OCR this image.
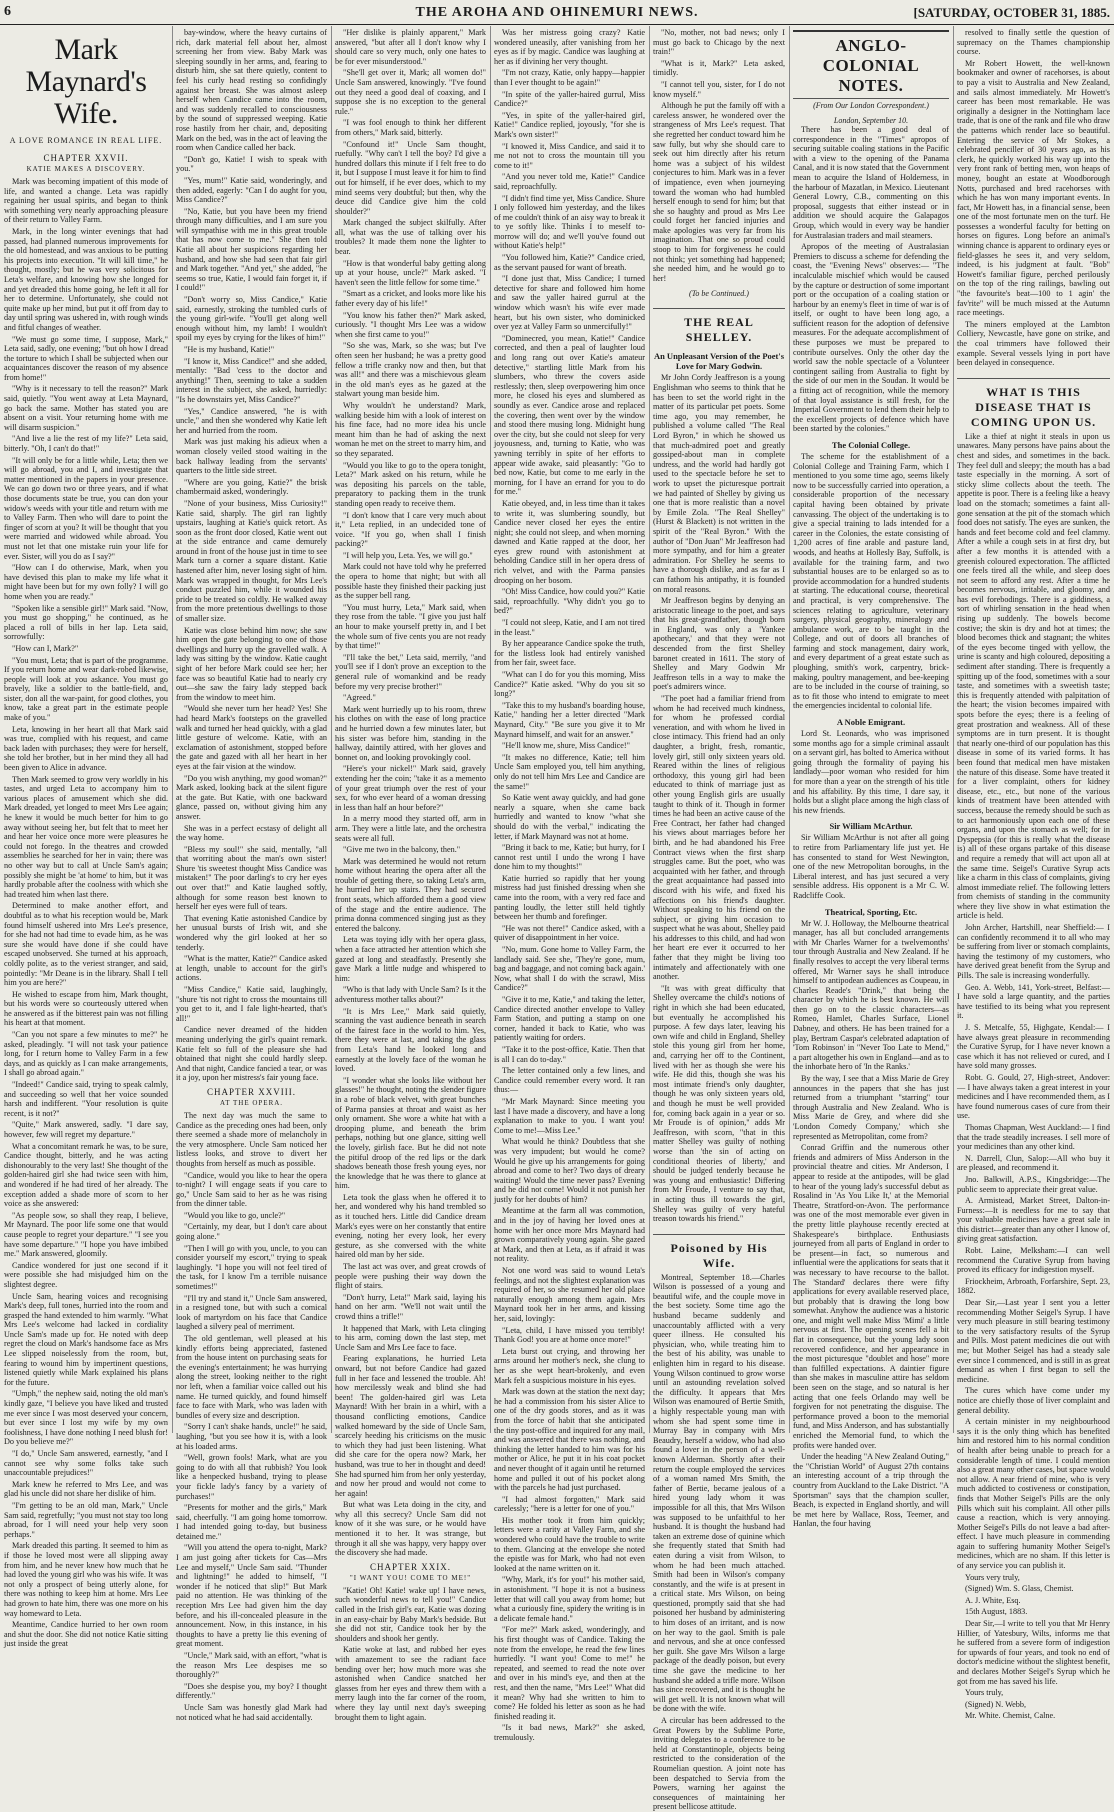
6	THE AROHA AND OHINEMURI NEWS.	[SATURDAY, OCTOBER 31, 1885.
Mark Maynard's Wife.
A LOVE ROMANCE IN REAL LIFE.
CHAPTER XXVII.
KATIE MAKES A DISCOVERY.

Mark was becoming impatient of this mode of life, and wanted a change. Leta was rapidly regaining her usual spirits, and began to think with something very nearly approaching pleasure of their return to Valley Farm.

Mark, in the long winter evenings that had passed, had planned numerous improvements for the old homestead, and was anxious to be putting his projects into execution. "It will kill time," he thought, mostly; but he was very solicitous for Leta's welfare, and knowing how she longed for and yet dreaded this home going, he left it all for her to determine. Unfortunately, she could not quite make up her mind, but put it off from day to day until spring was ushered in, with rough winds and fitful changes of weather.

"We must go some time, I suppose, Mark," Leta said, sadly, one evening; "but oh how I dread the torture to which I shall be subjected when our acquaintances discover the reason of my absence from home!"

"Why is it necessary to tell the reason?" Mark said, quietly. "You went away at Leta Maynard, go back the same. Mother has stated you are absent on a visit. Your returning home with me will disarm suspicion."

"And live a lie the rest of my life?" Leta said, bitterly. "Oh, I can't do that!"

"It will only be for a little while, Leta; then we will go abroad, you and I, and investigate that matter mentioned in the papers in your presence. We can go down two or three years, and if what those documents state be true, you can don your widow's weeds with your title and return with me to Valley Farm. Then who will dare to point the finger of scorn at you? It will be thought that you were married and widowed while abroad. You must not let that one mistake ruin your life for ever. Sister, will you do as I say?"

"How can I do otherwise, Mark, when you have devised this plan to make my life what it might have been but for my own folly? I will go home when you are ready."

"Spoken like a sensible girl!" Mark said. "Now, you must go shopping," he continued, as he placed a roll of bills in her lap. Leta said, sorrowfully:

"How can I, Mark?"

"You must, Leta; that is part of the programme. If you return home and wear dark-robed likewise, people will look at you askance. You must go bravely, like a soldier to the battle-field, and, sister, don all the war-paint, for good clothes, you know, take a great part in the estimate people make of you."

Leta, knowing in her heart all that Mark said was true, complied with his request, and came back laden with purchases; they were for herself, she told her brother, but in her mind they all had been given to Alice in advance.

Then Mark seemed to grow very worldly in his tastes, and urged Leta to accompany him to various places of amusement which she did. Mark dreaded, yet longed to meet Mrs Lee again; he knew it would be much better for him to go away without seeing her, but felt that to meet her and hear her voice once more were pleasures he could not forego. In the theatres and crowded assemblies he searched for her in vain; there was no other way but to call at Uncle Sam's again; possibly she might be 'at home' to him, but it was hardly probable after the coolness with which she had treated him when last there.

Determined to make another effort, and doubtful as to what his reception would be, Mark found himself ushered into Mrs Lee's presence, for she had not had time to evade him, as he was sure she would have done if she could have escaped unobserved. She turned at his approach, coldly polite, as to the veriest stranger, and said, pointedly: "Mr Deane is in the library. Shall I tell him you are here?"

He wished to escape from him, Mark thought, but his words were so courteously uttered when he answered as if the bitterest pain was not filling his heart at that moment.

"Can you not spare a few minutes to me?" he asked, pleadingly. "I will not task your patience long, for I return home to Valley Farm in a few days, and as quickly as I can make arrangements, I shall go abroad again."

"Indeed!" Candice said, trying to speak calmly, and succeeding so well that her voice sounded harsh and indifferent. "Your resolution is quite recent, is it not?"

"Quite," Mark answered, sadly. "I dare say, however, few will regret my departure."

What a concomitant remark he was, to be sure, Candice thought, bitterly, and he was acting dishonourably to the very last! She thought of the golden-haired girl she had twice seen with him, and wondered if he had tired of her already. The exception added a shade more of scorn to her voice as she answered:

"As people sow, so shall they reap, I believe, Mr Maynard. The poor life some one that would cause people to regret your departure." "I see you have some departure." "I hope you have imbibed me." Mark answered, gloomily.

Candice wondered for just one second if it were possible she had misjudged him on the slightest degree.

Uncle Sam, hearing voices and recognising Mark's deep, full tones, hurried into the room and grasped the hand extended to him warmly. "What Mrs Lee's welcome had lacked in cordiality Uncle Sam's made up for. He noted with deep regret the cloud on Mark's handsome face as Mrs Lee slipped noiselessly from the room, but, fearing to wound him by impertinent questions, listened quietly while Mark explained his plans for the future.

"Umph," the nephew said, noting the old man's kindly gaze, "I believe you have liked and trusted me ever since I was most deserved your concern, but ever since I lost my wife by my own foolishness, I have done nothing I need blush for! Do you believe me?"

"I do," Uncle Sam answered, earnestly, "and I cannot see why some folks take such unaccountable prejudices!"

Mark knew he referred to Mrs Lee, and was glad his uncle did not share her dislike of him.

"I'm getting to be an old man, Mark," Uncle Sam said, regretfully; "you must not stay too long abroad, for I will need your help very soon perhaps."

Mark dreaded this parting. It seemed to him as if those he loved most were all slipping away from him, and he never knew how much that he had loved the young girl who was his wife. It was not only a prospect of being utterly alone, for there was nothing to keep him at home. Mrs Lee had grown to hate him, there was one more on his way homeward to Leta.

Meantime, Candice hurried to her own room and shut the door. She did not notice Katie sitting just inside the great

bay-window, where the heavy curtains of rich, dark material fell about her, almost screening her from view. Baby Mark was sleeping soundly in her arms, and, fearing to disturb him, she sat there quietly, content to feel his curly head resting so confidingly against her breast. She was almost asleep herself when Candice came into the room, and was suddenly recalled to consciousness by the sound of suppressed weeping. Katie rose hastily from her chair, and, depositing Mark on the bed, was in the act of leaving the room when Candice called her back.

"Don't go, Katie! I wish to speak with you."

"Yes, mum!" Katie said, wonderingly, and then added, eagerly: "Can I do aught for you, Miss Candice?"

"No, Katie, but you have been my friend through many difficulties, and I am sure you will sympathise with me in this great trouble that has now come to me." She then told Katie all about her suspicions regarding her husband, and how she had seen that fair girl and Mark together. "And yet," she added, "he seems so true, Katie, I would fain forget it, if I could!"

"Don't worry so, Miss Candice," Katie said, earnestly, stroking the tumbled curls of the young girl-wife. "You'll get along well enough without him, my lamb! I wouldn't spoil my eyes by crying for the likes of him!"

"He is my husband, Katie!"

"I know it, Miss Candice!" and she added, mentally: "Bad 'cess to the doctor and anything!" Then, seeming to take a sudden interest in the subject, she asked, hurriedly: "Is he downstairs yet, Miss Candice?"

"Yes," Candice answered, "he is with uncle," and then she wondered why Katie left her and hurried from the room.

Mark was just making his adieux when a woman closely veiled stood waiting in the back hallway leading from the servants' quarters to the little side street.

"Where are you going, Katie?" the brisk chambermaid asked, wonderingly.

"None of your business, Miss Curiosity!" Katie said, sharply. The girl ran lightly upstairs, laughing at Katie's quick retort. As soon as the front door closed, Katie went out at the side entrance and came demurely around in front of the house just in time to see Mark turn a corner a square distant. Katie hastened after him, never losing sight of him. Mark was wrapped in thought, for Mrs Lee's conduct puzzled him, while it wounded his pride to be treated so coldly. He walked away from the more pretentious dwellings to those of smaller size.

Katie was close behind him now; she saw him open the gate belonging to one of those dwellings and hurry up the gravelled walk. A lady was sitting by the window. Katie caught sight of her before Mark could see her; her face was so beautiful Katie had to nearly cry out—she saw the fairy lady stepped back from the window to meet him.

"Would she never turn her head? Yes! She had heard Mark's footsteps on the gravelled walk and turned her head quickly, with a glad little gesture of welcome. Katie, with an exclamation of astonishment, stopped before the gate and gazed with all her heart in her eyes at the fair vision at the window.

"Do you wish anything, my good woman?" Mark asked, looking back at the silent figure at the gate. But Katie, with one backward glance, passed on, without giving him any answer.

She was in a perfect ecstasy of delight all the way home.

"Bless my soul!" she said, mentally, "all that worriting about the man's own sister! Shure 'tis sweetest thought Miss Candice was mistaken!" The poor darling's to cry her eyes out over that!" and Katie laughed softly, although for some reason best known to herself her eyes were full of tears.

That evening Katie astonished Candice by her unusual bursts of Irish wit, and she wondered why the girl looked at her so tenderly.

"What is the matter, Katie?" Candice asked at length, unable to account for the girl's actions.

"Miss Candice," Katie said, laughingly, "shure 'tis not right to cross the mountains till you get to it, and I fale light-hearted, that's all!"

Candice never dreamed of the hidden meaning underlying the girl's quaint remark. Katie felt so full of the pleasure she had obtained that night she could hardly sleep. And that night, Candice fancied a tear, or was it a joy, upon her mistress's fair young face.

CHAPTER XXVIII.
AT THE OPERA.

The next day was much the same to Candice as the preceding ones had been, only there seemed a shade more of melancholy in the very atmosphere. Uncle Sam noticed her listless looks, and strove to divert her thoughts from herself as much as possible.

"Candice, would you like to hear the opera to-night? I will engage seats if you care to go," Uncle Sam said to her as he was rising from the dinner table.

"Would you like to go, uncle?"

"Certainly, my dear, but I don't care about going alone."

"Then I will go with you, uncle, to you can consider yourself my escort," trying to speak laughingly. "I hope you will not feel tired of the task, for I know I'm a terrible nuisance sometimes!"

"I'll try and stand it," Uncle Sam answered, in a resigned tone, but with such a comical look of martyrdom on his face that Candice laughed a silvery peal of merriment.

The old gentleman, well pleased at his kindly efforts being appreciated, fastened from the house intent on purchasing seats for the evening's entertainment; he was hurrying along the street, looking neither to the right nor left, when a familiar voice called out his name. He turned quickly, and found himself face to face with Mark, who was laden with bundles of every size and description.

"Sorry I can't shake hands, uncle!" he said, laughing, "but you see how it is, with a look at his loaded arms.

"Well, grown fools! Mark, what are you going to do with all that rubbish? You look like a henpecked husband, trying to please your fickle lady's fancy by a variety of purchases!"

"Presents for mother and the girls," Mark said, cheerfully. "I am going home tomorrow. I had intended going to-day, but business detained me."

"Will you attend the opera to-night, Mark? I am just going after tickets for Cas—Mrs Lee and myself," Uncle Sam said. "Thunder and lightning!" he added to himself, "I wonder if he noticed that slip!" But Mark paid no attention. He was thinking of the reception Mrs Lee had given him the day before, and his ill-concealed pleasure in the announcement. Now, in this instance, in his thoughts to have a pretty lie this evening of great moment.

"Uncle," Mark said, with an effort, "what is the reason Mrs Lee despises me so thoroughly?"

"Does she despise you, my boy? I thought differently."

Uncle Sam was honestly glad Mark had not noticed what he had said accidentally.

"Her dislike is plainly apparent," Mark answered, "but after all I don't know why I should care so very much, only one hates to be for ever misunderstood."

"She'll get over it, Mark; all women do!" Uncle Sam answered, knowingly. "I've found out they need a good deal of coaxing, and I suppose she is no exception to the general rule."

"I was fool enough to think her different from others," Mark said, bitterly.

"Confound it!" Uncle Sam thought, ruefully. "Why can't I tell the boy? I'd give a hundred dollars this minute if I felt free to do it, but I suppose I must leave it for him to find out for himself, if he ever does, which to my mind seems very doubtful; but then, why the deuce did Candice give him the cold shoulder?"

Mark changed the subject skilfully. After all, what was the use of talking over his troubles? It made them none the lighter to bear.

"How is that wonderful baby getting along up at your house, uncle?" Mark asked. "I haven't seen the little fellow for some time."

"Smart as a cricket, and looks more like his father every day of his life!"

"You know his father then?" Mark asked, curiously. "I thought Mrs Lee was a widow when she first came to you!"

"So she was, Mark, so she was; but I've often seen her husband; he was a pretty good fellow a trifle cranky now and then, but that was all!" and there was a mischievous gleam in the old man's eyes as he gazed at the stalwart young man beside him.

Why wouldn't he understand? Mark, walking beside him with a look of interest on his fine face, had no more idea his uncle meant him than he had of asking the next woman he met on the street to marry him, and so they separated.

"Would you like to go to the opera tonight, Leta?" Mark asked on his return, while he was depositing his parcels on the table, preparatory to packing them in the trunk standing open ready to receive them.

"I don't know that I care very much about it," Leta replied, in an undecided tone of voice. "If you go, when shall I finish packing?"

"I will help you, Leta. Yes, we will go."

Mark could not have told why he preferred the opera to home that night; but with all possible haste they finished their packing just as the supper bell rang.

"You must hurry, Leta," Mark said, when they rose from the table. "I give you just half an hour to make yourself pretty in, and I bet the whole sum of five cents you are not ready by that time!"

"I'll take the bet," Leta said, merrily, "and you'll see if I don't prove an exception to the general rule of womankind and be ready before my very precise brother!"

"Agreed."

Mark went hurriedly up to his room, threw his clothes on with the ease of long practice and he hurried down a few minutes later, but his sister was before him, standing in the hallway, daintily attired, with her gloves and bonnet on, and looking provokingly cool.

"Here's your nickel!" Mark said, gravely extending her the coin; "take it as a memento of your great triumph over the rest of your sex, for who ever heard of a woman dressing in less than half an hour before?"

In a merry mood they started off, arm in arm. They were a little late, and the orchestra seats were all full.

"Give me two in the balcony, then."

Mark was determined he would not return home without hearing the opera after all the trouble of getting there, so taking Leta's arm, he hurried her up stairs. They had secured front seats, which afforded them a good view of the stage and the entire audience. The prima donna commenced singing just as they entered the balcony.

Leta was toying idly with her opera glass, when a face attracted her attention which she gazed at long and steadfastly. Presently she gave Mark a little nudge and whispered to him:

"Who is that lady with Uncle Sam? Is it the adventuress mother talks about?"

"It is Mrs Lee," Mark said quietly, scanning the vast audience beneath in search of the fairest face in the world to him. Yes, there they were at last, and taking the glass from Leta's hand he looked long and earnestly at the lovely face of the woman he loved.

"I wonder what she looks like without her glasses!" he thought, noting the slender figure in a robe of black velvet, with great bunches of Parma pansies at throat and waist as her only ornament. She wore a white hat with a drooping plume, and beneath the brim perhaps, nothing but one glance, sitting well the lovely, girlish face. But he did not note the pitiful droop of the red lips or the dark shadows beneath those fresh young eyes, nor the knowledge that he was there to glance at him.

Leta took the glass when he offered it to her, and wondered why his hand trembled so as it touched hers. Little did Candice dream Mark's eyes were on her constantly that entire evening, noting her every look, her every gesture, as she conversed with the white haired old man by her side.

The last act was over, and great crowds of people were pushing their way down the flight of stairs.

"Don't hurry, Leta!" Mark said, laying his hand on her arm. "We'll not wait until the crowd thins a trifle!"

It happened that Mark, with Leta clinging to his arm, coming down the last step, met Uncle Sam and Mrs Lee face to face.

Fearing explanations, he hurried Leta onward, but not before Candice had gazed full in her face and lessened the trouble. Ah! how mercilessly weak and blind she had been! The golden-haired girl was Leta Maynard! With her brain in a whirl, with a thousand conflicting emotions, Candice walked homeward by the side of Uncle Sam, scarcely heeding his criticisms on the music to which they had just been listening. What did she care for the opera now? Mark, her husband, was true to her in thought and deed! She had spurned him from her only yesterday, and now her proud and would not come to her again!

But what was Leta doing in the city, and why all this secrecy? Uncle Sam did not know of it she was sure, or he would have mentioned it to her. It was strange, but through it all she was happy, very happy over the discovery she had made.

CHAPTER XXIX.
"I WANT YOU! COME TO ME!"

"Katie! Oh! Katie! wake up! I have news, such wonderful news to tell you!" Candice called in the Irish girl's ear, Katie was dozing in an easy-chair by Baby Mark's bedside. But she did not stir, Candice took her by the shoulders and shook her gently.

Katie woke at last, and rubbed her eyes with amazement to see the radiant face bending over her; how much more was she astonished when Candice snatched her glasses from her eyes and threw them with a merry laugh into the far corner of the room, where they lay until next day's sweeping brought them to light again.

Was her mistress going crazy? Katie wondered uneasily, after vanishing from her eyes as if by magic. Candice was laughing at her as if divining her very thought.

"I'm not crazy, Katie, only happy—happier than I ever thought to be again!"

"In spite of the yaller-haired gurrul, Miss Candice?"

"Yes, in spite of the yaller-haired girl, Katie!" Candice replied, joyously, "for she is Mark's own sister!"

"I knowed it, Miss Candice, and said it to me not not to cross the mountain till you come to it!"

"And you never told me, Katie!" Candice said, reproachfully.

"I didn't find time yet, Miss Candice. Shure I only followed him yesterday, and the likes of me couldn't think of an aisy way to break it to ye softly like. Thinks I to meself to-morrow will do; and we'll you've found out without Katie's help!"

"You followed him, Katie?" Candice cried, as the servant paused for want of breath.

"I done just that, Miss Candice; I turned detective for share and followed him home and saw the yaller haired gurrul at the window which wasn't his wife ever made heart, but his own sister, who dominicked over yez at Valley Farm so unmercifully!"

"Dominecred, you mean, Katie!" Candice corrected, and then a peal of laughter loud and long rang out over Katie's amateur detective," startling little Mark from his slumbers, who threw the covers aside restlessly; then, sleep overpowering him once more, he closed his eyes and slumbered as soundly as ever. Candice arose and replaced the covering, then went over by the window and stood there musing long. Midnight hung over the city, but she could not sleep for very joyousness, and, turning to Katie, who was yawning terribly in spite of her efforts to appear wide awake, said pleasantly: "Go to bed now, Katie, but come to me early in the morning, for I have an errand for you to do for me."

Katie obeyed, and, in less time than it takes to write it, was slumbering soundly, but Candice never closed her eyes the entire night; she could not sleep, and when morning dawned and Katie rapped at the door, her eyes grew round with astonishment at beholding Candice still in her opera dress of rich velvet, and with the Parma pansies drooping on her bosom.

"Oh! Miss Candice, how could you?" Katie said, reproachfully. "Why didn't you go to bed?"

"I could not sleep, Katie, and I am not tired in the least."

By her appearance Candice spoke the truth, for the listless look had entirely vanished from her fair, sweet face.

"What can I do for you this morning, Miss Candice?" Katie asked. "Why do you sit so long?"

"Take this to my husband's boarding house, Katie," handing her a letter directed "Mark Maynard, City." "Be sure you give it to Mr Maynard himself, and wait for an answer."

"He'll know me, shure, Miss Candice!"

"It makes no difference, Katie; tell him Uncle Sam employed you, tell him anything, only do not tell him Mrs Lee and Candice are the same!"

So Katie went away quickly, and had gone nearly a square, when she came back hurriedly and wanted to know "what she should do with the verbal," indicating the letter, if Mark Maynard was not at home.

"Bring it back to me, Katie; but hurry, for I cannot rest until I undo the wrong I have done him to my thoughts!"

Katie hurried so rapidly that her young mistress had just finished dressing when she came into the room, with a very red face and panting loudly, the letter still held tightly between her thumb and forefinger.

"He was not there!" Candice asked, with a quiver of disappointment in her voice.

"No, mum. Gone home to Valley Farm, the landlady said. See she, 'They're gone, mum, bag and baggage, and not coming back again.' Now, what shall I do with the scrawl, Miss Candice?"

"Give it to me, Katie," and taking the letter, Candice directed another envelope to Valley Farm Station, and putting a stamp on one corner, handed it back to Katie, who was patiently waiting for orders.

"Take it to the post-office, Katie. Then that is all I can do to-day."

The letter contained only a few lines, and Candice could remember every word. It ran thus:—

"Mr Mark Maynard: Since meeting you last I have made a discovery, and have a long explanation to make to you. I want you! Come to me!—Miss Lee."

What would he think? Doubtless that she was very impudent; but would he come? Would he give up his arrangements for going abroad and come to her? Two days of dreary waiting! Would the time never pass? Evening and he did not come! Would it not punish her justly for her doubts of him?

Meantime at the farm all was commotion, and in the joy of having her loved ones at home with her once more Mrs Maynard had grown comparatively young again. She gazed at Mark, and then at Leta, as if afraid it was not reality.

Not one word was said to wound Leta's feelings, and not the slightest explanation was required of her, so she resumed her old place naturally enough among them again. Mrs Maynard took her in her arms, and kissing her, said, lovingly:

"Leta, child, I have missed you terribly! Thank God! you are at home once more!"

Leta burst out crying, and throwing her arms around her mother's neck, she clung to her as she wept heart-brokenly, and even Mark felt a suspicious moisture in his eyes.

Mark was down at the station the next day; he had a commission from his sister Alice to one of the dry goods stores, and as it was from the force of habit that she anticipated the tiny post-office and inquired for any mail, and was answered that there was nothing, and thinking the letter handed to him was for his mother or Alice, he put it in his coat pocket and never thought of it again until he returned home and pulled it out of his pocket along with the parcels he had just purchased.

"I had almost forgotten," Mark said carelessly; "here is a letter for one of you."

His mother took it from him quickly; letters were a rarity at Valley Farm, and she wondered who could have the trouble to write to them. Glancing at the envelope she noted the epistle was for Mark, who had not even looked at the name written on it.

"Why, Mark, it's for you!" his mother said, in astonishment. "I hope it is not a business letter that will call you away from home; but what a curiously fine, spidery the writing is in a delicate female hand."

"For me?" Mark asked, wonderingly, and his first thought was of Candice. Taking the note from the envelope, he read the few lines hurriedly. "I want you! Come to me!" he repeated, and seemed to read the note over and over in his mind's eye, and then at the rest, and then the name, "Mrs Lee!" What did it mean? Why had she written to him to come? He folded his letter as soon as he had finished reading it.

"Is it bad news, Mark?" she asked, tremulously.

"No, mother, not bad news; only I must go back to Chicago by the next train!"

"What is it, Mark?" Leta asked, timidly.

"I cannot tell you, sister, for I do not know myself."

Although he put the family off with a careless answer, he wondered over the strangeness of Mrs Lee's request. That she regretted her conduct toward him he saw fully, but why she should care to seek out him directly after his return home was a subject of his wildest conjectures to him. Mark was in a fever of impatience, even when journeying toward the woman who had humbled herself enough to send for him; but that she so haughty and proud as Mrs Lee could forget her fancied injuries and make apologies was very far from his imagination. That one so proud could stoop to him for forgiveness he could not think; yet something had happened; she needed him, and he would go to her!

(To be Continued.)
THE REAL SHELLEY.
An Unpleasant Version of the Poet's Love for Mary Godwin.

Mr John Cordy Jeaffreson is a young Englishman who seems to think that he has been to set the world right in the matter of its particular pet poets. Some time ago, you may remember, he published a volume called "The Real Lord Byron," in which he showed us that much-admired poet and greatly gossiped-about man in complete undress, and the world had hardly got used to the spectacle before he set to work to upset the picturesque portrait we had painted of Shelley by giving us one that is more realistic than a novel by Emile Zola. "The Real Shelley" (Hurst & Blackett) is not written in the spirit of the "Real Byron." With the author of "Don Juan" Mr Jeaffreson had more sympathy, and for him a greater admiration. For Shelley he seems to have a thorough dislike, and as far as I can fathom his antipathy, it is founded on moral reasons.

Mr Jeaffreson begins by denying an aristocratic lineage to the poet, and says that his great-grandfather, though born in England, was only a 'Yankee apothecary,' and that they were not descended from the first Shelley baronet created in 1611. The story of Shelley and Mary Godwin Mr Jeaffreson tells in a way to make the poet's admirers wince.

"The poet had a familiar friend from whom he had received much kindness, for whom he professed cordial veneration, and with whom he lived in close intimacy. This friend had an only daughter, a bright, fresh, romantic, lovely girl, still only sixteen years old. Reared within the lines of religious orthodoxy, this young girl had been educated to think of marriage just as other young English girls are usually taught to think of it. Though in former times he had been an active cause of the Free Contract, her father had changed his views about marriages before her birth, and he had abandoned his Free Contract views when the first sharp struggles came. But the poet, who was acquainted with her father, and through the great acquaintance had passed into discord with his wife, and fixed his affections on his friend's daughter. Without speaking to his friend on the subject, or giving him occasion to suspect what he was about, Shelley paid his addresses to this child, and had won her heart ere ever it occurred to her father that they might be living too intimately and affectionately with one another.

"It was with great difficulty that Shelley overcame the child's notions of right in which she had been educated, but eventually he accomplished his purpose. A few days later, leaving his own wife and child in England, Shelley stole this young girl from her home, and, carrying her off to the Continent, lived with her as though she were his wife. He did this, though she was his most intimate friend's only daughter, though he was only sixteen years old, and though he must be well provided for, coming back again in a year or so. Mr Froude is of opinion," adds Mr Jeaffreson, with scorn, "that in this matter Shelley was guilty of nothing worse than 'the sin of acting on conditional theories of liberty,' and should be judged tenderly because he was young and enthusiastic! Differing from Mr Froude, I venture to say that, in acting thus ill towards the girl, Shelley was guilty of very hateful treason towards his friend."

Poisoned by His Wife.

Montreal, September 18.—Charles Wilson is possessed of a young and beautiful wife, and the couple move in the best society. Some time ago the husband became suddenly and unaccountably afflicted with a very queer illness. He consulted his physician, who, while treating him to the best of his ability, was unable to enlighten him in regard to his disease. Young Wilson continued to grow worse until an astounding revelation solved the difficulty. It appears that Mrs Wilson was enamoured of Bertie Smith, a highly respectable young man with whom she had spent some time in Murray Bay in company with Mrs Beaudry, herself a widow, who had also found a lover in the person of a well-known Alderman. Shortly after their return the couple employed the services of a woman named Mrs Smith, the father of Bertie, became jealous of a hired young lady whom it was impossible for all this, that Mrs Wilson was supposed to be unfaithful to her husband. It is thought the husband had taken an extreme dose of quinine which she frequently stated that Smith had eaten during a visit from Wilson, to whom he had been much attached. Smith had been in Wilson's company constantly, and the wife is at present in a critical state. Mrs Wilson, on being questioned, promptly said that she had poisoned her husband by administering to him doses of an irritant, and is now on her way to the gaol. Smith is pale and nervous, and she at once confessed her guilt. She gave Mrs Wilson a large package of the deadly poison, but every time she gave the medicine to her husband she added a trifle more. Wilson has since recovered, and it is thought he will get well. It is not known what will be done with the wife.

A circular has been addressed to the Great Powers by the Sublime Porte, inviting delegates to a conference to be held at Constantinople, objects being restricted to the consideration of the Roumelian question. A joint note has been despatched to Servia from the Powers, warning her against the consequences of maintaining her present bellicose attitude.

ANGLO-COLONIAL NOTES.
(From Our London Correspondent.)
London, September 10.

There has been a good deal of correspondence in the "Times" apropos of securing suitable coaling stations in the Pacific with a view to the opening of the Panama Canal, and it is now stated that the Government mean to acquire the Island of Holderness, in the harbour of Mazatlan, in Mexico. Lieutenant General Lowry, C.B., commenting on this proposal, suggests that either instead or in addition we should acquire the Galapagos Group, which would in every way be handier for Australasian traders and mail steamers.

Apropos of the meeting of Australasian Premiers to discuss a scheme for defending the coast, the "Evening News" observes:— "The incalculable mischief which would be caused by the capture or destruction of some important port or the occupation of a coaling station or harbour by an enemy's fleet in time of war is of itself, or ought to have been long ago, a sufficient reason for the adoption of defensive measures. For the adequate accomplishment of these purposes we must be prepared to contribute ourselves. Only the other day the world saw the noble spectacle of a Volunteer contingent sailing from Australia to fight by the side of our men in the Soudan. It would be a fitting act of recognition, while the memory of that loyal assistance is still fresh, for the Imperial Government to lend them their help to the excellent projects of defence which have been started by the colonies."

The Colonial College.

The scheme for the establishment of a Colonial College and Training Farm, which I mentioned to you some time ago, seems likely now to be successfully carried into operation, a considerable proportion of the necessary capital having been obtained by private canvassing. The object of the undertaking is to give a special training to lads intended for a career in the Colonies, the estate consisting of 1,200 acres of fine arable and pasture land, woods, and heaths at Hollesly Bay, Suffolk, is available for the training farm, and two substantial houses are to be enlarged so as to provide accommodation for a hundred students at starting. The educational course, theoretical and practical, is very comprehensive. The sciences relating to agriculture, veterinary surgery, physical geography, mineralogy and ambulance work, are to be taught in the College, and out of doors all branches of farming and stock management, dairy work, and every department of a great estate such as ploughing, smith's work, carpentry, brick-making, poultry management, and bee-keeping are to be included in the course of training, so as to fit those who intend to emigrate to meet the emergencies incidental to colonial life.

A Noble Emigrant.

Lord St. Leonards, who was imprisoned some months ago for a simple criminal assault on a servant girl, has bolted to America without going through the formality of paying his landlady—poor woman who resided for him for more than a year on the strength of his title and his affability. By this time, I dare say, it holds but a slight place among the high class of his new friends.

Sir William McArthur.

Sir William McArthur is not after all going to retire from Parliamentary life just yet. He has consented to stand for West Newington, one of the new Metropolitan boroughs, in the Liberal interest, and has just secured a very sensible address. His opponent is a Mr C. W. Radcliffe Cook.

Theatrical, Sporting, Etc.

Mr W. J. Holloway, the Melbourne theatrical manager, has all but concluded arrangements with Mr Charles Warner for a twelvemonths' tour through Australia and New Zealand. If he finally resolves to accept the very liberal terms offered, Mr Warner says he shall introduce himself to antipodean audiences as Coupeau, in Charles Reade's "Drink," that being the character by which he is best known. He will then go on to the classic characters—as Romeo, Hamlet, Charles Surface, Lionel Dabney, and others. He has been trained for a play, Bertram Caspar's celebrated adaptation of 'Tom Robinson' in "Never Too Late to Mend," a part altogether his own in England—and as to the inhorbate hero of 'In the Ranks.'

By the way, I see that a Miss Marie de Grey announces in the papers that she has just returned from a triumphant "starring" tour through Australia and New Zealand. Who is Miss Marie de Grey, and where did she 'London Comedy Company,' which she represented as Metropolitan, come from?

Conrad Griffin and the numerous other friends and admirers of Miss Anderson in the provincial theatre and cities. Mr Anderson, I appear to reside at the antipodes, will be glad to hear of the young lady's successful debut as Rosalind in 'As You Like It,' at the Memorial Theatre, Stratford-on-Avon. The performance was one of the most memorable ever given in the pretty little playhouse recently erected at Shakespeare's birthplace. Enthusiasts journeyed from all parts of England in order to be present—in fact, so numerous and influential were the applications for seats that it was necessary to have recourse to the ballot. The 'Standard' declares there were fifty applications for every available reserved place, but probably that is drawing the long bow somewhat. Anyhow the audience was a historic one, and might well make Miss 'Mimi' a little nervous at first. The opening scenes fell a bit flat in consequence, but the young lady soon recovered confidence, and her appearance in the most picturesque "doublet and hose" more than fulfilled expectations. A daintier figure than she makes in masculine attire has seldom been seen on the stage, and so natural is her acting that one feels Orlando may well be forgiven for not penetrating the disguise. The performance proved a boon to the memorial fund, and Miss Anderson, and has substantially enriched the Memorial fund, to which the profits were handed over.

Under the heading "A New Zealand Outing," the "Christian World" of August 27th contains an interesting account of a trip through the country from Auckland to the Lake District. "A Sportsman" says that the champion sculler, Beach, is expected in England shortly, and will be met here by Wallace, Ross, Teemer, and Hanlan, the four having

resolved to finally settle the question of supremacy on the Thames championship course.

Mr Robert Howett, the well-known bookmaker and owner of racehorses, is about to pay a visit to Australia and New Zealand, and sails almost immediately. Mr Howett's career has been most remarkable. He was originally a designer in the Nottingham lace trade, that is one of the rank and file who draw the patterns which render lace so beautiful. Entering the service of Mr Stokes, a celebrated penciller of 30 years ago, as his clerk, he quickly worked his way up into the very front rank of betting men, won heaps of money, bought an estate at Woodborough Notts, purchased and bred racehorses with which he has won many important events. In fact, Mr Howett has, in a financial sense, been one of the most fortunate men on the turf. He possesses a wonderful faculty for betting on horses on figures. Long before an animal's winning chance is apparent to ordinary eyes or field-glasses he sees it, and very seldom, indeed, is his judgment at fault. "Bob" Howett's familiar figure, perched perilously on the top of the ring railings, bawling out "the favourite's beat—100 to 1 agin' the fav'rite" will be much missed at the Autumn race meetings.

The miners employed at the Lambton Colliery, Newcastle, have gone on strike, and the coal trimmers have followed their example. Several vessels lying in port have been delayed in consequence.

WHAT IS THIS DISEASE THAT IS COMING UPON US.

Like a thief at night it steals in upon us unawares. Many persons have pains about the chest and sides, and sometimes in the back. They feel dull and sleepy; the mouth has a bad taste especially in the morning. A sort of sticky slime collects about the teeth. The appetite is poor. There is a feeling like a heavy load on the stomach; sometimes a faint all-gone sensation at the pit of the stomach which food does not satisfy. The eyes are sunken, the hands and feet become cold and feel clammy. After a while a cough sets in at first dry, but after a few months it is attended with a greenish coloured expectoration. The afflicted one feels tired all the while, and sleep does not seem to afford any rest. After a time he becomes nervous, irritable, and gloomy, and has evil forebodings. There is a giddiness, a sort of whirling sensation in the head when rising up suddenly. The bowels become costive; the skin is dry and hot at times; the blood becomes thick and stagnant; the whites of the eyes become tinged with yellow, the urine is scanty and high coloured, depositing a sediment after standing. There is frequently a spitting up of the food, sometimes with a sour taste, and sometimes with a sweetish taste; this is frequently attended with palpitation of the heart; the vision becomes impaired with spots before the eyes; there is a feeling of great prostration and weakness. All of these symptoms are in turn present. It is thought that nearly one-third of our population has this disease in some of its varied forms. It has been found that medical men have mistaken the nature of this disease. Some have treated it for a liver complaint, others for kidney disease, etc., etc., but none of the various kinds of treatment have been attended with success, because the remedy should be such as to act harmoniously upon each one of these organs, and upon the stomach as well; for in Dyspepsia (for this is really what the disease is) all of these organs partake of this disease and require a remedy that will act upon all at the same time. Seigel's Curative Syrup acts like a charm in this class of complaints, giving almost immediate relief. The following letters from chemists of standing in the community where they live show in what estimation the article is held.

John Archer, Hartshill, near Sheffield:— I can confidently recommend it to all who may be suffering from liver or stomach complaints, having the testimony of my customers, who have derived great benefit from the Syrup and Pills. The sale is increasing wonderfully.

Geo. A. Webb, 141, York-street, Belfast:— I have sold a large quantity, and the parties have testified to its being what you represent it.

J. S. Metcalfe, 55, Highgate, Kendal:— I have always great pleasure in recommending the Curative Syrup, for I have never known a case which it has not relieved or cured, and I have sold many grosses.

Robt. G. Gould, 27, High-street, Andover:— I have always taken a great interest in your medicines and I have recommended them, as I have found numerous cases of cure from their use.

Thomas Chapman, West Auckland:— I find that the trade steadily increases. I sell more of your medicines than any other kind.

N. Darrell, Clun, Salop:—All who buy it are pleased, and recommend it.

Jno. Balkwill, A.P.S., Kingsbridge:—The public seem to appreciate their great value.

A. Armistead, Market Street, Dalton-in-Furness:—It is needless for me to say that your valuable medicines have a great sale in this district—greater than any other I know of, giving great satisfaction.

Robt. Laine, Melksham:—I can well recommend the Curative Syrup from having proved its efficacy for indigestion myself.

Friockheim, Arbroath, Forfarshire, Sept. 23, 1882.

Dear Sir,—Last year I sent you a letter recommending Mother Seigel's Syrup. I have very much pleasure in still bearing testimony to the very satisfactory results of the Syrup and Pills. Most patent medicines die out with me; but Mother Seigel has had a steady sale ever since I commenced, and is still in as great demand as when I first began to sell the medicine.

The cures which have come under my notice are chiefly those of liver complaint and general debility.

A certain minister in my neighbourhood says it is the only thing which has benefited him and restored him to his normal condition of health after being unable to preach for a considerable length of time. I could mention also a great many other cases, but space would not allow. A near friend of mine, who is very much addicted to costiveness or constipation, finds that Mother Seigel's Pills are the only Pills which suit his complaint. All other pills cause a reaction, which is very annoying. Mother Seigel's Pills do not leave a bad after-effect. I have much pleasure in commending again to suffering humanity Mother Seigel's medicines, which are no sham. If this letter is of any service you can publish it.

Yours very truly,

(Signed) Wm. S. Glass, Chemist.

A. J. White, Esq.

15th August, 1883.

Dear Sir,—I write to tell you that Mr Henry Hillier, of Yatesbury, Wilts, informs me that he suffered from a severe form of indigestion for upwards of four years, and took no end of doctor's medicine without the slightest benefit, and declares Mother Seigel's Syrup which he got from me has saved his life.

Yours truly,

(Signed) N. Webb,

Mr. White. Chemist, Calne.
